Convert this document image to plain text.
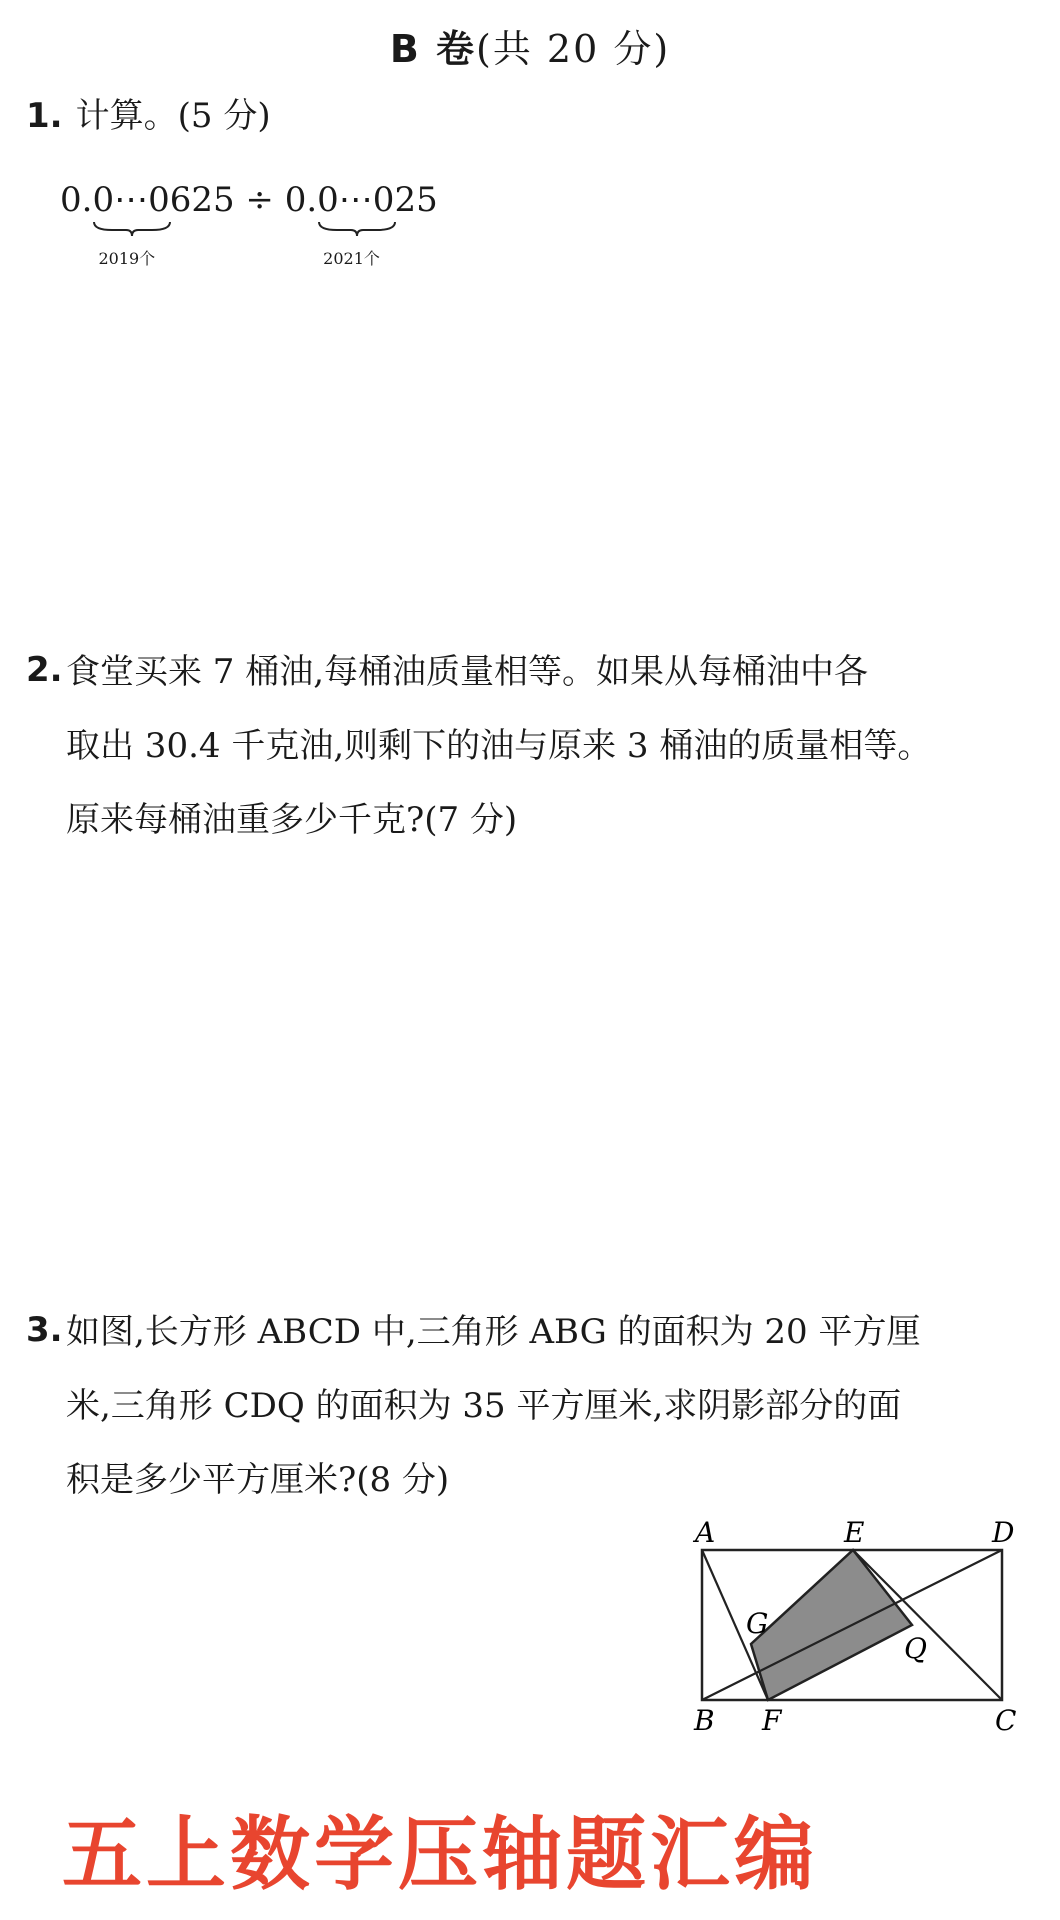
B 卷(共 20 分)
1. 计算。(5 分)
0.0⋯0
2019个
625 ÷ 0.0⋯0
2021个
25
2. 食堂买来 7 桶油,每桶油质量相等。如果从每桶油中各
取出 30.4 千克油,则剩下的油与原来 3 桶油的质量相等。
原来每桶油重多少千克?(7 分)
3. 如图,长方形 ABCD 中,三角形 ABG 的面积为 20 平方厘
米,三角形 CDQ 的面积为 35 平方厘米,求阴影部分的面
积是多少平方厘米?(8 分)
A	E	D
G
Q
B F	C
五上数学压轴题汇编
